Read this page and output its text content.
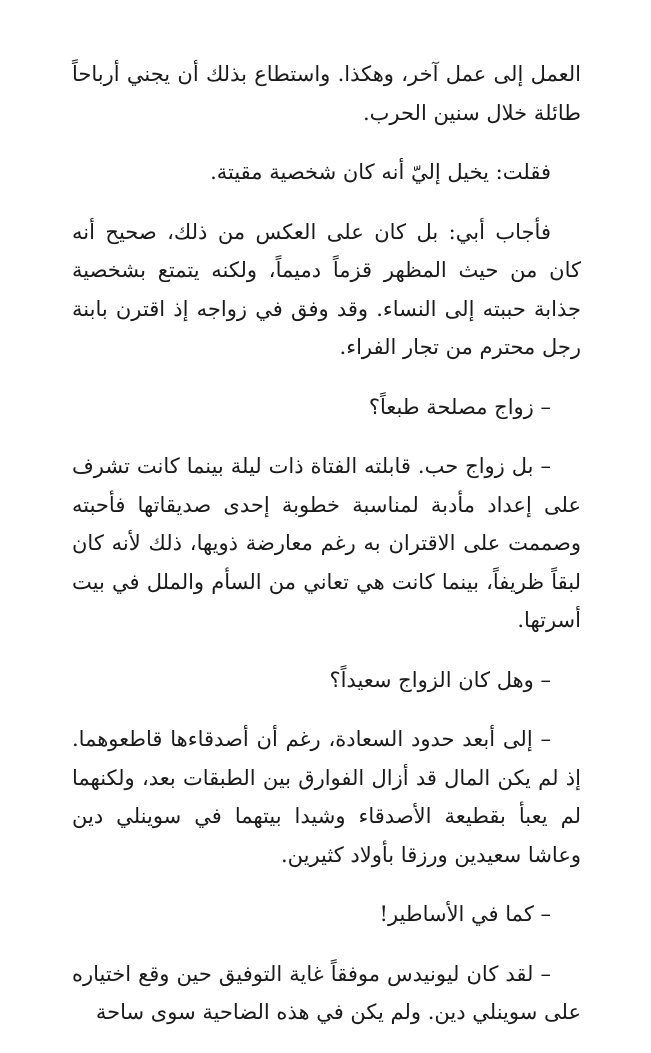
العمل إلى عمل آخر، وهكذا. واستطاع بذلك أن يجني أرباحاً طائلة خلال سنين الحرب.

فقلت: يخيل إليّ أنه كان شخصية مقيتة.

فأجاب أبي: بل كان على العكس من ذلك، صحيح أنه كان من حيث المظهر قزماً دميماً، ولكنه يتمتع بشخصية جذابة حببته إلى النساء. وقد وفق في زواجه إذ اقترن بابنة رجل محترم من تجار الفراء.

– زواج مصلحة طبعاً؟

– بل زواج حب. قابلته الفتاة ذات ليلة بينما كانت تشرف على إعداد مأدبة لمناسبة خطوبة إحدى صديقاتها فأحبته وصممت على الاقتران به رغم معارضة ذويها، ذلك لأنه كان لبقاً ظريفاً، بينما كانت هي تعاني من السأم والملل في بيت أسرتها.

– وهل كان الزواج سعيداً؟

– إلى أبعد حدود السعادة، رغم أن أصدقاءها قاطعوهما. إذ لم يكن المال قد أزال الفوارق بين الطبقات بعد، ولكنهما لم يعبأ بقطيعة الأصدقاء وشيدا بيتهما في سوينلي دين وعاشا سعيدين ورزقا بأولاد كثيرين.

– كما في الأساطير!

– لقد كان ليونيدس موفقاً غاية التوفيق حين وقع اختياره على سوينلي دين. ولم يكن في هذه الضاحية سوى ساحة
